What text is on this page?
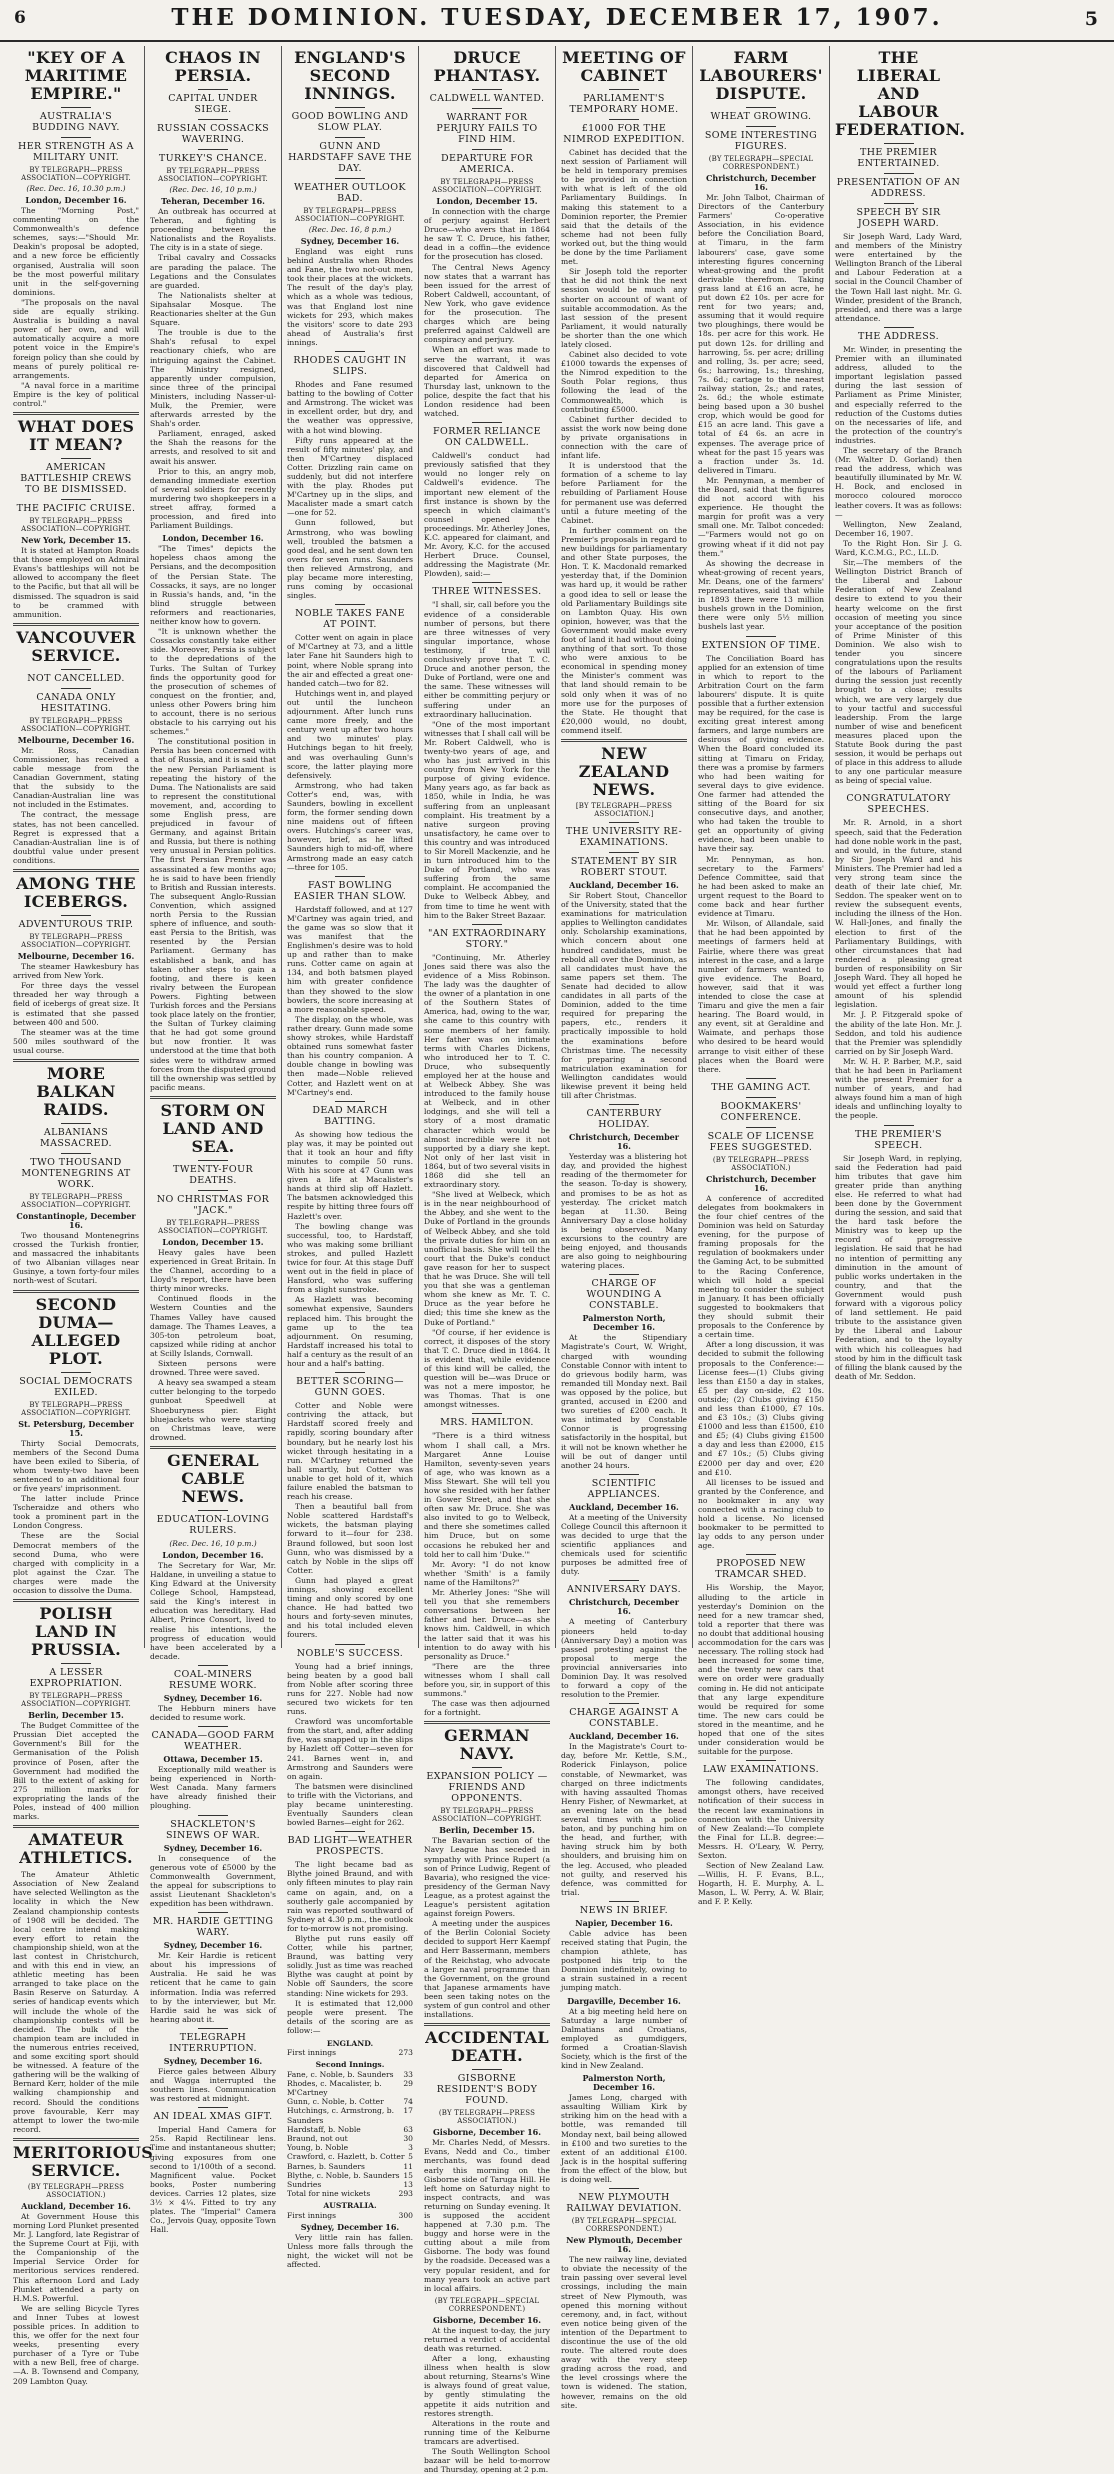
6	THE DOMINION. TUESDAY, DECEMBER 17, 1907.	5
"KEY OF A MARITIME EMPIRE."
AUSTRALIA'S BUDDING NAVY.
HER STRENGTH AS A MILITARY UNIT.
BY TELEGRAPH—PRESS ASSOCIATION—COPYRIGHT.
(Rec. Dec. 16, 10.30 p.m.)
London, December 16.

The "Morning Post," commenting on the Commonwealth's defence schemes, says:—"Should Mr. Deakin's proposal be adopted, and a new force be efficiently organised, Australia will soon be the most powerful military unit in the self-governing dominions.

"The proposals on the naval side are equally striking. Australia is building a naval power of her own, and will automatically acquire a more potent voice in the Empire's foreign policy than she could by means of purely political re-arrangements.

"A naval force in a maritime Empire is the key of political control."

WHAT DOES IT MEAN?
AMERICAN BATTLESHIP CREWS TO BE DISMISSED.
THE PACIFIC CRUISE.
BY TELEGRAPH—PRESS ASSOCIATION—COPYRIGHT.
New York, December 15.

It is stated at Hampton Roads that those employed on Admiral Evans's battleships will not be allowed to accompany the fleet to the Pacific, but that all will be dismissed. The squadron is said to be crammed with ammunition.

VANCOUVER SERVICE.
NOT CANCELLED.
CANADA ONLY HESITATING.
BY TELEGRAPH—PRESS ASSOCIATION—COPYRIGHT.
Melbourne, December 16.

Mr. Ross, Canadian Commissioner, has received a cable message from the Canadian Government, stating that the subsidy to the Canadian-Australian line was not included in the Estimates.

The contract, the message states, has not been cancelled. Regret is expressed that a Canadian-Australian line is of doubtful value under present conditions.

AMONG THE ICEBERGS.
ADVENTUROUS TRIP.
BY TELEGRAPH—PRESS ASSOCIATION—COPYRIGHT.
Melbourne, December 16.

The steamer Hawkesbury has arrived from New York.

For three days the vessel threaded her way through a field of icebergs of great size. It is estimated that she passed between 400 and 500.

The steamer was at the time 500 miles southward of the usual course.

MORE BALKAN RAIDS.
ALBANIANS MASSACRED.
TWO THOUSAND MONTENEGRINS AT WORK.
BY TELEGRAPH—PRESS ASSOCIATION—COPYRIGHT.
Constantinople, December 16.

Two thousand Montenegrins crossed the Turkish frontier, and massacred the inhabitants of two Albanian villages near Gusinye, a town forty-four miles north-west of Scutari.

SECOND DUMA—ALLEGED PLOT.
SOCIAL DEMOCRATS EXILED.
BY TELEGRAPH—PRESS ASSOCIATION—COPYRIGHT.
St. Petersburg, December 15.

Thirty Social Democrats, members of the Second Duma have been exiled to Siberia, of whom twenty-two have been sentenced to an additional four or five years' imprisonment.

The latter include Prince Tscheraidze and others who took a prominent part in the London Congress.

These are the Social Democrat members of the second Duma, who were charged with complicity in a plot against the Czar. The charges were made the occasion to dissolve the Duma.

POLISH LAND IN PRUSSIA.
A LESSER EXPROPRIATION.
BY TELEGRAPH—PRESS ASSOCIATION—COPYRIGHT.
Berlin, December 15.

The Budget Committee of the Prussian Diet accepted the Government's Bill for the Germanisation of the Polish province of Posen, after the Government had modified the Bill to the extent of asking for 275 million marks for expropriating the lands of the Poles, instead of 400 million marks.

AMATEUR ATHLETICS.

The Amateur Athletic Association of New Zealand have selected Wellington as the locality in which the New Zealand championship contests of 1908 will be decided. The local centre intend making every effort to retain the championship shield, won at the last contest in Christchurch, and with this end in view, an athletic meeting has been arranged to take place on the Basin Reserve on Saturday. A series of handicap events which will include the whole of the championship contests will be decided. The bulk of the champion team are included in the numerous entries received, and some exciting sport should be witnessed. A feature of the gathering will be the walking of Bernard Kerr, holder of the mile walking championship and record. Should the conditions prove favourable, Kerr may attempt to lower the two-mile record.

MERITORIOUS SERVICE.
(BY TELEGRAPH—PRESS ASSOCIATION.)
Auckland, December 16.

At Government House this morning Lord Plunket presented Mr. J. Langford, late Registrar of the Supreme Court at Fiji, with the Companionship of the Imperial Service Order for meritorious services rendered. This afternoon Lord and Lady Plunket attended a party on H.M.S. Powerful.

We are selling Bicycle Tyres and Inner Tubes at lowest possible prices. In addition to this, we offer for the next four weeks, presenting every purchaser of a Tyre or Tube with a new Bell, free of charge.—A. B. Townsend and Company, 209 Lambton Quay.

CHAOS IN PERSIA.
CAPITAL UNDER SIEGE.
RUSSIAN COSSACKS WAVERING.
TURKEY'S CHANCE.
BY TELEGRAPH—PRESS ASSOCIATION—COPYRIGHT.
(Rec. Dec. 16, 10 p.m.)
Teheran, December 16.

An outbreak has occurred at Teheran, and fighting is proceeding between the Nationalists and the Royalists. The city is in a state of siege.

Tribal cavalry and Cossacks are parading the palace. The Legations and the Consulates are guarded.

The Nationalists shelter at Sipahsalar Mosque. The Reactionaries shelter at the Gun Square.

The trouble is due to the Shah's refusal to expel reactionary chiefs, who are intriguing against the Cabinet. The Ministry resigned, apparently under compulsion, since three of the principal Ministers, including Nasser-ul-Mulk, the Premier, were afterwards arrested by the Shah's order.

Parliament, enraged, asked the Shah the reasons for the arrests, and resolved to sit and await his answer.

Prior to this, an angry mob, demanding immediate exertion of several soldiers for recently murdering two shopkeepers in a street affray, formed a procession, and fired into Parliament Buildings.

London, December 16.

"The Times" depicts the hopeless chaos among the Persians, and the decomposition of the Persian State. The Cossacks, it says, are no longer in Russia's hands, and, "in the blind struggle between reformers and reactionaries, neither know how to govern.

"It is unknown whether the Cossacks constantly take either side. Moreover, Persia is subject to the depredations of the Turks. The Sultan of Turkey finds the opportunity good for the prosecution of schemes of conquest on the frontier, and, unless other Powers bring him to account, there is no serious obstacle to his carrying out his schemes."

The constitutional position in Persia has been concerned with that of Russia, and it is said that the new Persian Parliament is repeating the history of the Duma. The Nationalists are said to represent the constitutional movement, and, according to some English press, are prejudiced in favour of Germany, and against Britain and Russia, but there is nothing very unusual in Persian politics. The first Persian Premier was assassinated a few months ago; he is said to have been friendly to British and Russian interests. The subsequent Anglo-Russian Convention, which assigned north Persia to the Russian sphere of influence, and south-east Persia to the British, was resented by the Persian Parliament. Germany has established a bank, and has taken other steps to gain a footing, and there is keen rivalry between the European Powers. Fighting between Turkish forces and the Persians took place lately on the frontier, the Sultan of Turkey claiming that he had got some ground but now frontier. It was understood at the time that both sides were to withdraw armed forces from the disputed ground till the ownership was settled by pacific means.

STORM ON LAND AND SEA.
TWENTY-FOUR DEATHS.
NO CHRISTMAS FOR "JACK."
BY TELEGRAPH—PRESS ASSOCIATION—COPYRIGHT.
London, December 15.

Heavy gales have been experienced in Great Britain. In the Channel, according to a Lloyd's report, there have been thirty minor wrecks.

Continued floods in the Western Counties and the Thames Valley have caused damage. The Thames Leaves, a 305-ton petroleum boat, capsized while riding at anchor at Scilly Islands, Cornwall.

Sixteen persons were drowned. Three were saved.

A heavy sea swamped a steam cutter belonging to the torpedo gunboat Speedwell at Shoeburyness pier. Eight bluejackets who were starting on Christmas leave, were drowned.

GENERAL CABLE NEWS.
EDUCATION-LOVING RULERS.
(Rec. Dec. 16, 10 p.m.)
London, December 16.

The Secretary for War, Mr. Haldane, in unveiling a statue to King Edward at the University College School, Hampstead, said the King's interest in education was hereditary. Had Albert, Prince Consort, lived to realise his intentions, the progress of education would have been accelerated by a decade.

COAL-MINERS RESUME WORK.
Sydney, December 16.

The Hebburn miners have decided to resume work.

CANADA—GOOD FARM WEATHER.
Ottawa, December 15.

Exceptionally mild weather is being experienced in North-West Canada. Many farmers have already finished their ploughing.

SHACKLETON'S SINEWS OF WAR.
Sydney, December 16.

In consequence of the generous vote of £5000 by the Commonwealth Government, the appeal for subscriptions to assist Lieutenant Shackleton's expedition has been withdrawn.

MR. HARDIE GETTING WARY.
Sydney, December 16.

Mr. Keir Hardie is reticent about his impressions of Australia. He said he was reticent that he came to gain information. India was referred to by the interviewer, but Mr. Hardie said he was sick of hearing about it.

TELEGRAPH INTERRUPTION.
Sydney, December 16.

Fierce gales between Albury and Wagga interrupted the southern lines. Communication was restored at midnight.

AN IDEAL XMAS GIFT.

Imperial Hand Camera for 25s. Rapid Rectilinear lens. Time and instantaneous shutter; giving exposures from one second to 1/100th of a second. Magnificent value. Pocket books, Poster numbering devices. Carries 12 plates, size 3½ × 4¼. Fitted to try any plates. The "Imperial" Camera Co., Jervois Quay, opposite Town Hall.

ENGLAND'S SECOND INNINGS.
GOOD BOWLING AND SLOW PLAY.
GUNN AND HARDSTAFF SAVE THE DAY.
WEATHER OUTLOOK BAD.
BY TELEGRAPH—PRESS ASSOCIATION—COPYRIGHT.
(Rec. Dec. 16, 8 p.m.)
Sydney, December 16.

England was eight runs behind Australia when Rhodes and Fane, the two not-out men, took their places at the wickets. The result of the day's play, which as a whole was tedious, was that England lost nine wickets for 293, which makes the visitors' score to date 293 ahead of Australia's first innings.

RHODES CAUGHT IN SLIPS.

Rhodes and Fane resumed batting to the bowling of Cotter and Armstrong. The wicket was in excellent order, but dry, and the weather was oppressive, with a hot wind blowing.

Fifty runs appeared at the result of fifty minutes' play, and then M'Cartney displaced Cotter. Drizzling rain came on suddenly, but did not interfere with the play. Rhodes put M'Cartney up in the slips, and Macalister made a smart catch—one for 52.

Gunn followed, but Armstrong, who was bowling well, troubled the batsmen a good deal, and he sent down ten overs for seven runs. Saunders then relieved Armstrong, and play became more interesting, runs coming by occasional singles.

NOBLE TAKES FANE AT POINT.

Cotter went on again in place of M'Cartney at 73, and a little later Fane hit Saunders high to point, where Noble sprang into the air and effected a great one-handed catch—two for 82.

Hutchings went in, and played out until the luncheon adjournment. After lunch runs came more freely, and the century went up after two hours and two minutes' play. Hutchings began to hit freely, and was overhauling Gunn's score, the latter playing more defensively.

Armstrong, who had taken Cotter's end, was, with Saunders, bowling in excellent form, the former sending down nine maidens out of fifteen overs. Hutchings's career was, however, brief, as he lifted Saunders high to mid-off, where Armstrong made an easy catch—three for 105.

FAST BOWLING EASIER THAN SLOW.

Hardstaff followed, and at 127 M'Cartney was again tried, and the game was so slow that it was manifest that the Englishmen's desire was to hold up and rather than to make runs. Cotter came on again at 134, and both batsmen played him with greater confidence than they showed to the slow bowlers, the score increasing at a more reasonable speed.

The display, on the whole, was rather dreary. Gunn made some showy strokes, while Hardstaff obtained runs somewhat faster than his country companion. A double change in bowling was then made—Noble relieved Cotter, and Hazlett went on at M'Cartney's end.

DEAD MARCH BATTING.

As showing how tedious the play was, it may be pointed out that it took an hour and fifty minutes to compile 50 runs. With his score at 47 Gunn was given a life at Macalister's hands at third slip off Hazlett. The batsmen acknowledged this respite by hitting three fours off Hazlett's over.

The bowling change was successful, too, to Hardstaff, who was making some brilliant strokes, and pulled Hazlett twice for four. At this stage Duff went out in the field in place of Hansford, who was suffering from a slight sunstroke.

As Hazlett was becoming somewhat expensive, Saunders replaced him. This brought the game up to the tea adjournment. On resuming, Hardstaff increased his total to half a century as the result of an hour and a half's batting.

BETTER SCORING—GUNN GOES.

Cotter and Noble were contriving the attack, but Hardstaff scored freely and rapidly, scoring boundary after boundary, but he nearly lost his wicket through hesitating in a run. M'Cartney returned the ball smartly, but Cotter was unable to get hold of it, which failure enabled the batsman to reach his crease.

Then a beautiful ball from Noble scattered Hardstaff's wickets, the batsman playing forward to it—four for 238. Braund followed, but soon lost Gunn, who was dismissed by a catch by Noble in the slips off Cotter.

Gunn had played a great innings, showing excellent timing and only scored by one chance. He had batted two hours and forty-seven minutes, and his total included eleven fourers.

NOBLE'S SUCCESS.

Young had a brief innings, being beaten by a good ball from Noble after scoring three runs for 227. Noble had now secured two wickets for ten runs.

Crawford was uncomfortable from the start, and, after adding five, was snapped up in the slips by Hazlett off Cotter—seven for 241. Barnes went in, and Armstrong and Saunders were on again.

The batsmen were disinclined to trifle with the Victorians, and play became uninteresting. Eventually Saunders clean bowled Barnes—eight for 262.

BAD LIGHT—WEATHER PROSPECTS.

The light became bad as Blythe joined Braund, and with only fifteen minutes to play rain came on again, and, on a southerly gale accompanied by rain was reported southward of Sydney at 4.30 p.m., the outlook for to-morrow is not promising.

Blythe put runs easily off Cotter, while his partner, Braund, was batting very solidly. Just as time was reached Blythe was caught at point by Noble off Saunders, the score standing: Nine wickets for 293.

It is estimated that 12,000 people were present. The details of the scoring are as follow:—

ENGLAND.
First innings	273
Second Innings.
Fane, c. Noble, b. Saunders 33
Rhodes, c. Macalister, b. M'Cartney
29
Gunn, c. Noble, b. Cotter	74
Hutchings, c. Armstrong, b. Saunders
17
Hardstaff, b. Noble	63
Braund, not out	30
Young, b. Noble	3
Crawford, c. Hazlett, b. Cotter 5
Barnes, b. Saunders	11
Blythe, c. Noble, b. Saunders 15
Sundries	13
Total for nine wickets	293
AUSTRALIA.
First innings	300
Sydney, December 16.

Very little rain has fallen. Unless more falls through the night, the wicket will not be affected.

DRUCE PHANTASY.
CALDWELL WANTED.
WARRANT FOR PERJURY FAILS TO FIND HIM.
DEPARTURE FOR AMERICA.
BY TELEGRAPH—PRESS ASSOCIATION—COPYRIGHT.
London, December 15.

In connection with the charge of perjury against Herbert Druce—who avers that in 1864 he saw T. C. Druce, his father, dead in a coffin—the evidence for the prosecution has closed.

The Central News Agency now states that a warrant has been issued for the arrest of Robert Caldwell, accountant, of New York, who gave evidence for the prosecution. The charges which are being preferred against Caldwell are conspiracy and perjury.

When an effort was made to serve the warrant, it was discovered that Caldwell had departed for America on Thursday last, unknown to the police, despite the fact that his London residence had been watched.

FORMER RELIANCE ON CALDWELL.

Caldwell's conduct had previously satisfied that they would no longer rely on Caldwell's evidence. The important new element of the first instance is shown by the speech in which claimant's counsel opened the proceedings. Mr. Atherley Jones, K.C. appeared for claimant, and Mr. Avory, K.C. for the accused Herbert Druce. Counsel, addressing the Magistrate (Mr. Plowden), said:—

THREE WITNESSES.

"I shall, sir, call before you the evidence of a considerable number of persons, but there are three witnesses of very singular importance, whose testimony, if true, will conclusively prove that T. C. Druce and another person, the Duke of Portland, were one and the same. These witnesses will either be committing perjury or suffering under an extraordinary hallucination.

"One of the most important witnesses that I shall call will be Mr. Robert Caldwell, who is twenty-two years of age, and who has just arrived in this country from New York for the purpose of giving evidence. Many years ago, as far back as 1850, while in India, he was suffering from an unpleasant complaint. His treatment by a native surgeon proving unsatisfactory, he came over to this country and was introduced to Sir Morell Mackenzie, and he in turn introduced him to the Duke of Portland, who was suffering from the same complaint. He accompanied the Duke to Welbeck Abbey, and from time to time he went with him to the Baker Street Bazaar.

"AN EXTRAORDINARY STORY."

"Continuing, Mr. Atherley Jones said there was also the evidence of a Miss Robinson. The lady was the daughter of the owner of a plantation in one of the Southern States of America, had, owing to the war, she came to this country with some members of her family. Her father was on intimate terms with Charles Dickens, who introduced her to T. C. Druce, who subsequently employed her at the house and at Welbeck Abbey. She was introduced to the family house at Welbeck, and in other lodgings, and she will tell a story of a most dramatic character which would be almost incredible were it not supported by a diary she kept. Not only of her last visit in 1864, but of two several visits in 1868 did she tell an extraordinary story.

"She lived at Welbeck, which is in the near neighbourhood of the Abbey, and she went to the Duke of Portland in the grounds of Welbeck Abbey, and she told the private duties for him on an unofficial basis. She will tell the court that the Duke's conduct gave reason for her to suspect that he was Druce. She will tell you that she was a gentleman whom she knew as Mr. T. C. Druce as the year before he died; this time she knew as the Duke of Portland."

"Of course, if her evidence is correct, it disposes of the story that T. C. Druce died in 1864. It is evident that, while evidence of this kind will be called, the question will be—was Druce or was not a mere impostor, he was Thomas. That is one amongst witnesses.

MRS. HAMILTON.

"There is a third witness whom I shall call, a Mrs. Margaret Anne Louise Hamilton, seventy-seven years of age, who was known as a Miss Stewart. She will tell you how she resided with her father in Gower Street, and that she often saw Mr. Druce. She was also invited to go to Welbeck, and there she sometimes called him Druce, but on some occasions he rebuked her and told her to call him 'Duke.'"

Mr. Avory: "I do not know whether 'Smith' is a family name of the Hamiltons?"

Mr. Atherley Jones: "She will tell you that she remembers conversations between her father and her. Druce—as she knows him. Caldwell, in which the latter said that it was his intention to do away with his personality as Druce."

"There are the three witnesses whom I shall call before you, sir, in support of this summons."

The case was then adjourned for a fortnight.

GERMAN NAVY.
EXPANSION POLICY — FRIENDS AND OPPONENTS.
BY TELEGRAPH—PRESS ASSOCIATION—COPYRIGHT.
Berlin, December 15.

The Bavarian section of the Navy League has seceded in sympathy with Prince Rupert (a son of Prince Ludwig, Regent of Bavaria), who resigned the vice-presidency of the German Navy League, as a protest against the League's persistent agitation against foreign Powers.

A meeting under the auspices of the Berlin Colonial Society decided to support Herr Kaempf and Herr Bassermann, members of the Reichstag, who advocate a larger naval programme than the Government, on the ground that Japanese armaments have been seen taking notes on the system of gun control and other installations.

ACCIDENTAL DEATH.
GISBORNE RESIDENT'S BODY FOUND.
(BY TELEGRAPH—PRESS ASSOCIATION.)
Gisborne, December 16.

Mr. Charles Nedd, of Messrs. Evans, Nedd and Co., timber merchants, was found dead early this morning on the Gisborne side of Taruga Hill. He left home on Saturday night to inspect contracts, and was returning on Sunday evening. It is supposed the accident happened at 7.30 p.m. The buggy and horse were in the cutting about a mile from Gisborne. The body was found by the roadside. Deceased was a very popular resident, and for many years took an active part in local affairs.

(BY TELEGRAPH—SPECIAL CORRESPONDENT.)
Gisborne, December 16.

At the inquest to-day, the jury returned a verdict of accidental death was returned.

After a long, exhausting illness when health is slow about returning, Stearns's Wine is always found of great value, by gently stimulating the appetite it aids nutrition and restores strength.

Alterations in the route and running time of the Kelburne tramcars are advertised.

The South Wellington School bazaar will be held to-morrow and Thursday, opening at 2 p.m.

MEETING OF CABINET
PARLIAMENT'S TEMPORARY HOME.
£1000 FOR THE NIMROD EXPEDITION.

Cabinet has decided that the next session of Parliament will be held in temporary premises to be provided in connection with what is left of the old Parliamentary Buildings. In making this statement to a Dominion reporter, the Premier said that the details of the scheme had not been fully worked out, but the thing would be done by the time Parliament met.

Sir Joseph told the reporter that he did not think the next session would be much any shorter on account of want of suitable accommodation. As the last session of the present Parliament, it would naturally be shorter than the one which lately closed.

Cabinet also decided to vote £1000 towards the expenses of the Nimrod expedition to the South Polar regions, thus following the lead of the Commonwealth, which is contributing £5000.

Cabinet further decided to assist the work now being done by private organisations in connection with the care of infant life.

It is understood that the formation of a scheme to lay before Parliament for the rebuilding of Parliament House for permanent use was deferred until a future meeting of the Cabinet.

In further comment on the Premier's proposals in regard to new buildings for parliamentary and other State purposes, the Hon. T. K. Macdonald remarked yesterday that, if the Dominion was hard up, it would be rather a good idea to sell or lease the old Parliamentary Buildings site on Lambton Quay. His own opinion, however, was that the Government would make every foot of land it had without doing anything of that sort. To those who were anxious to be economical in spending money the Minister's comment was that land should remain to be sold only when it was of no more use for the purposes of the State. He thought that £20,000 would, no doubt, commend itself.

NEW ZEALAND NEWS.
[BY TELEGRAPH—PRESS ASSOCIATION.]
THE UNIVERSITY RE-EXAMINATIONS.
STATEMENT BY SIR ROBERT STOUT.
Auckland, December 16.

Sir Robert Stout, Chancellor of the University, stated that the examinations for matriculation applies to Wellington candidates only. Scholarship examinations, which concern about one hundred candidates, must be rebold all over the Dominion, as all candidates must have the same papers set them. The Senate had decided to allow candidates in all parts of the Dominion, added to the time required for preparing the papers, etc., renders it practically impossible to hold the examinations before Christmas time. The necessity for preparing a second matriculation examination for Wellington candidates would likewise prevent it being held till after Christmas.

CANTERBURY HOLIDAY.
Christchurch, December 16.

Yesterday was a blistering hot day, and provided the highest reading of the thermometer for the season. To-day is showery, and promises to be as hot as yesterday. The cricket match began at 11.30. Being Anniversary Day a close holiday is being observed. Many excursions to the country are being enjoyed, and thousands are also going to neighbouring watering places.

CHARGE OF WOUNDING A CONSTABLE.
Palmerston North, December 16.

At the Stipendiary Magistrate's Court, W. Wright, charged with wounding Constable Connor with intent to do grievous bodily harm, was remanded till Monday next. Bail was opposed by the police, but granted, accused in £200 and two sureties of £200 each. It was intimated by Constable Connor is progressing satisfactorily in the hospital, but it will not be known whether he will be out of danger until another 24 hours.

SCIENTIFIC APPLIANCES.
Auckland, December 16.

At a meeting of the University College Council this afternoon it was decided to urge that the scientific appliances and chemicals used for scientific purposes be admitted free of duty.

ANNIVERSARY DAYS.
Christchurch, December 16.

A meeting of Canterbury pioneers held to-day (Anniversary Day) a motion was passed protesting against the proposal to merge the provincial anniversaries into Dominion Day. It was resolved to forward a copy of the resolution to the Premier.

CHARGE AGAINST A CONSTABLE.
Auckland, December 16.

In the Magistrate's Court to-day, before Mr. Kettle, S.M., Roderick Finlayson, police constable, of Newmarket, was charged on three indictments with having assaulted Thomas Henry Fisher, of Newmarket, at an evening late on the head several times with a police baton, and by punching him on the head, and further, with having struck him by both shoulders, and bruising him on the leg. Accused, who pleaded not guilty, and reserved his defence, was committed for trial.

NEWS IN BRIEF.
Napier, December 16.

Cable advice has been received stating that Pugin, the champion athlete, has postponed his trip to the Dominion indefinitely, owing to a strain sustained in a recent jumping match.

Dargaville, December 16.

At a big meeting held here on Saturday a large number of Dalmatians and Croatians, employed as gumdiggers, formed a Croatian-Slavish Society, which is the first of the kind in New Zealand.

Palmerston North, December 16.

James Long, charged with assaulting William Kirk by striking him on the head with a bottle, was remanded till Monday next, bail being allowed in £100 and two sureties to the extent of an additional £100. Jack is in the hospital suffering from the effect of the blow, but is doing well.

NEW PLYMOUTH RAILWAY DEVIATION.
(BY TELEGRAPH—SPECIAL CORRESPONDENT.)
New Plymouth, December 16.

The new railway line, deviated to obviate the necessity of the train passing over several level crossings, including the main street of New Plymouth, was opened this morning without ceremony, and, in fact, without even notice being given of the intention of the Department to discontinue the use of the old route. The altered route does away with the very steep grading across the road, and the level crossings where the town is widened. The station, however, remains on the old site.

FARM LABOURERS' DISPUTE.
WHEAT GROWING.
SOME INTERESTING FIGURES.
(BY TELEGRAPH—SPECIAL CORRESPONDENT.)
Christchurch, December 16.

Mr. John Talbot, Chairman of Directors of the Canterbury Farmers' Co-operative Association, in his evidence before the Conciliation Board, at Timaru, in the farm labourers' case, gave some interesting figures concerning wheat-growing and the profit derivable therefrom. Taking grass land at £16 an acre, he put down £2 10s. per acre for rent for two years; and, assuming that it would require two ploughings, there would be 18s. per acre for this work. He put down 12s. for drilling and harrowing, 5s. per acre; drilling and rolling, 3s. per acre; seed, 6s.; harrowing, 1s.; threshing, 7s. 6d.; cartage to the nearest railway station, 2s.; and rates, 2s. 6d.; the whole estimate being based upon a 30 bushel crop, which would be good for £15 an acre land. This gave a total of £4 6s. an acre in expenses. The average price of wheat for the past 15 years was a fraction under 3s. 1d. delivered in Timaru.

Mr. Pennyman, a member of the Board, said that the figures did not accord with his experience. He thought the margin for profit was a very small one. Mr. Talbot conceded:—"Farmers would not go on growing wheat if it did not pay them."

As showing the decrease in wheat-growing of recent years, Mr. Deans, one of the farmers' representatives, said that while in 1893 there were 13 million bushels grown in the Dominion, there were only 5½ million bushels last year.

EXTENSION OF TIME.

The Conciliation Board has applied for an extension of time in which to report to the Arbitration Court on the farm labourers' dispute. It is quite possible that a further extension may be required, for the case is exciting great interest among farmers, and large numbers are desirous of giving evidence. When the Board concluded its sitting at Timaru on Friday, there was a promise by farmers who had been waiting for several days to give evidence. One farmer had attended the sitting of the Board for six consecutive days, and another, who had taken the trouble to get an opportunity of giving evidence, had been unable to have their say.

Mr. Pennyman, as hon. secretary to the Farmers' Defence Committee, said that he had been asked to make an urgent request to the Board to come back and hear further evidence at Timaru.

Mr. Wilson, of Allandale, said that he had been appointed by meetings of farmers held at Fairlie, where there was great interest in the case, and a large number of farmers wanted to give evidence. The Board, however, said that it was intended to close the case at Timaru and give the men a fair hearing. The Board would, in any event, sit at Geraldine and Waimate, and perhaps those who desired to be heard would arrange to visit either of these places when the Board were there.

THE GAMING ACT.
BOOKMAKERS' CONFERENCE.
SCALE OF LICENSE FEES SUGGESTED.
(BY TELEGRAPH—PRESS ASSOCIATION.)
Christchurch, December 16.

A conference of accredited delegates from bookmakers in the four chief centres of the Dominion was held on Saturday evening, for the purpose of framing proposals for the regulation of bookmakers under the Gaming Act, to be submitted to the Racing Conference, which will hold a special meeting to consider the subject in January. It has been officially suggested to bookmakers that they should submit their proposals to the Conference by a certain time.

After a long discussion, it was decided to submit the following proposals to the Conference:—License fees—(1) Clubs giving less than £150 a day in stakes, £5 per day on-side, £2 10s. outside; (2) Clubs giving £150 and less than £1000, £7 10s. and £3 10s.; (3) Clubs giving £1000 and less than £1500, £10 and £5; (4) Clubs giving £1500 a day and less than £2000, £15 and £7 10s.; (5) Clubs giving £2000 per day and over, £20 and £10.

All licenses to be issued and granted by the Conference, and no bookmaker in any way connected with a racing club to hold a license. No licensed bookmaker to be permitted to lay odds to any person under age.

PROPOSED NEW TRAMCAR SHED.

His Worship, the Mayor, alluding to the article in yesterday's Dominion on the need for a new tramcar shed, told a reporter that there was no doubt that additional housing accommodation for the cars was necessary. The rolling stock had been increased for some time, and the twenty new cars that were on order were gradually coming in. He did not anticipate that any large expenditure would be required for some time. The new cars could be stored in the meantime, and he hoped that one of the sites under consideration would be suitable for the purpose.

LAW EXAMINATIONS.

The following candidates, amongst others, have received notification of their success in the recent law examinations in connection with the University of New Zealand:—To complete the Final for LL.B. degree:—Messrs. H. O'Leary, W. Perry, Sexton.

Section of New Zealand Law.—Willis, H. F. Evans, B.L., Hogarth, H. E. Murphy, A. L. Mason, L. W. Perry, A. W. Blair, and F. P. Kelly.

THE LIBERAL AND LABOUR FEDERATION.
THE PREMIER ENTERTAINED.
PRESENTATION OF AN ADDRESS.
SPEECH BY SIR JOSEPH WARD.

Sir Joseph Ward, Lady Ward, and members of the Ministry were entertained by the Wellington Branch of the Liberal and Labour Federation at a social in the Council Chamber of the Town Hall last night. Mr. G. Winder, president of the Branch, presided, and there was a large attendance.

THE ADDRESS.

Mr. Winder, in presenting the Premier with an illuminated address, alluded to the important legislation passed during the last session of Parliament as Prime Minister, and especially referred to the reduction of the Customs duties on the necessaries of life, and the protection of the country's industries.

The secretary of the Branch (Mr. Walter D. Gorland) then read the address, which was beautifully illuminated by Mr. W. H. Bock, and enclosed in morocco coloured morocco leather covers. It was as follows:—

Wellington, New Zealand, December 16, 1907.

To the Right Hon. Sir J. G. Ward, K.C.M.G., P.C., LL.D.

Sir,—The members of the Wellington District Branch of the Liberal and Labour Federation of New Zealand desire to extend to you their hearty welcome on the first occasion of meeting you since your acceptance of the position of Prime Minister of this Dominion. We also wish to tender you sincere congratulations upon the results of the labours of Parliament during the session just recently brought to a close; results which, we are very largely due to your tactful and successful leadership. From the large number of wise and beneficent measures placed upon the Statute Book during the past session, it would be perhaps out of place in this address to allude to any one particular measure as being of special value.

CONGRATULATORY SPEECHES.

Mr. R. Arnold, in a short speech, said that the Federation had done noble work in the past, and would, in the future, stand by Sir Joseph Ward and his Ministers. The Premier had led a very strong team since the death of their late chief, Mr. Seddon. The speaker went on to review the subsequent events, including the illness of the Hon. W. Hall-Jones, and finally the election to first of the Parliamentary Buildings, with other circumstances that had rendered a pleasing great burden of responsibility on Sir Joseph Ward. They all hoped he would yet effect a further long amount of his splendid legislation.

Mr. J. P. Fitzgerald spoke of the ability of the late Hon. Mr. J. Seddon, and told his audience that the Premier was splendidly carried on by Sir Joseph Ward.

Mr. W. H. P. Barber, M.P., said that he had been in Parliament with the present Premier for a number of years, and had always found him a man of high ideals and unflinching loyalty to the people.

THE PREMIER'S SPEECH.

Sir Joseph Ward, in replying, said the Federation had paid him tributes that gave him greater pride than anything else. He referred to what had been done by the Government during the session, and said that the hard task before the Ministry was to keep up the record of progressive legislation. He said that he had no intention of permitting any diminution in the amount of public works undertaken in the country, and that the Government would push forward with a vigorous policy of land settlement. He paid tribute to the assistance given by the Liberal and Labour Federation, and to the loyalty with which his colleagues had stood by him in the difficult task of filling the blank caused by the death of Mr. Seddon.
